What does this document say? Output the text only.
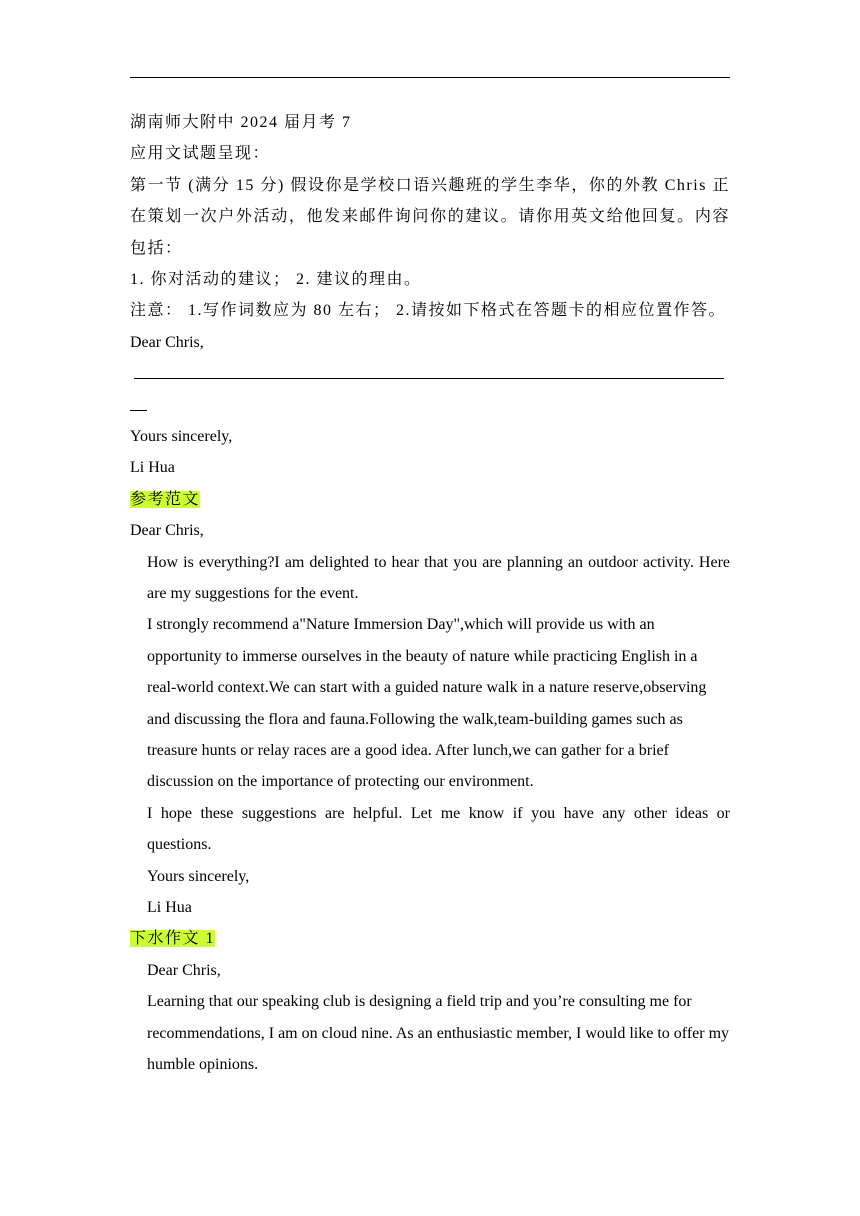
湖南师大附中 2024 届月考 7
应用文试题呈现：
第一节 (满分 15 分) 假设你是学校口语兴趣班的学生李华，你的外教 Chris 正在策划一次户外活动，他发来邮件询问你的建议。请你用英文给他回复。内容包括：
1. 你对活动的建议； 2. 建议的理由。
注意： 1.写作词数应为 80 左右； 2.请按如下格式在答题卡的相应位置作答。
Dear Chris,
Yours sincerely,
Li Hua
参考范文
Dear Chris,
How is everything?I am delighted to hear that you are planning an outdoor activity. Here are my suggestions for the event.
I strongly recommend a"Nature Immersion Day",which will provide us with an opportunity to immerse ourselves in the beauty of nature while practicing English in a real-world context.We can start with a guided nature walk in a nature reserve,observing and discussing the flora and fauna.Following the walk,team-building games such as treasure hunts or relay races are a good idea. After lunch,we can gather for a brief discussion on the importance of protecting our environment.
I hope these suggestions are helpful. Let me know if you have any other ideas or questions.
Yours sincerely,
Li Hua
下水作文 1
Dear Chris,
Learning that our speaking club is designing a field trip and you’re consulting me for recommendations, I am on cloud nine. As an enthusiastic member, I would like to offer my humble opinions.
